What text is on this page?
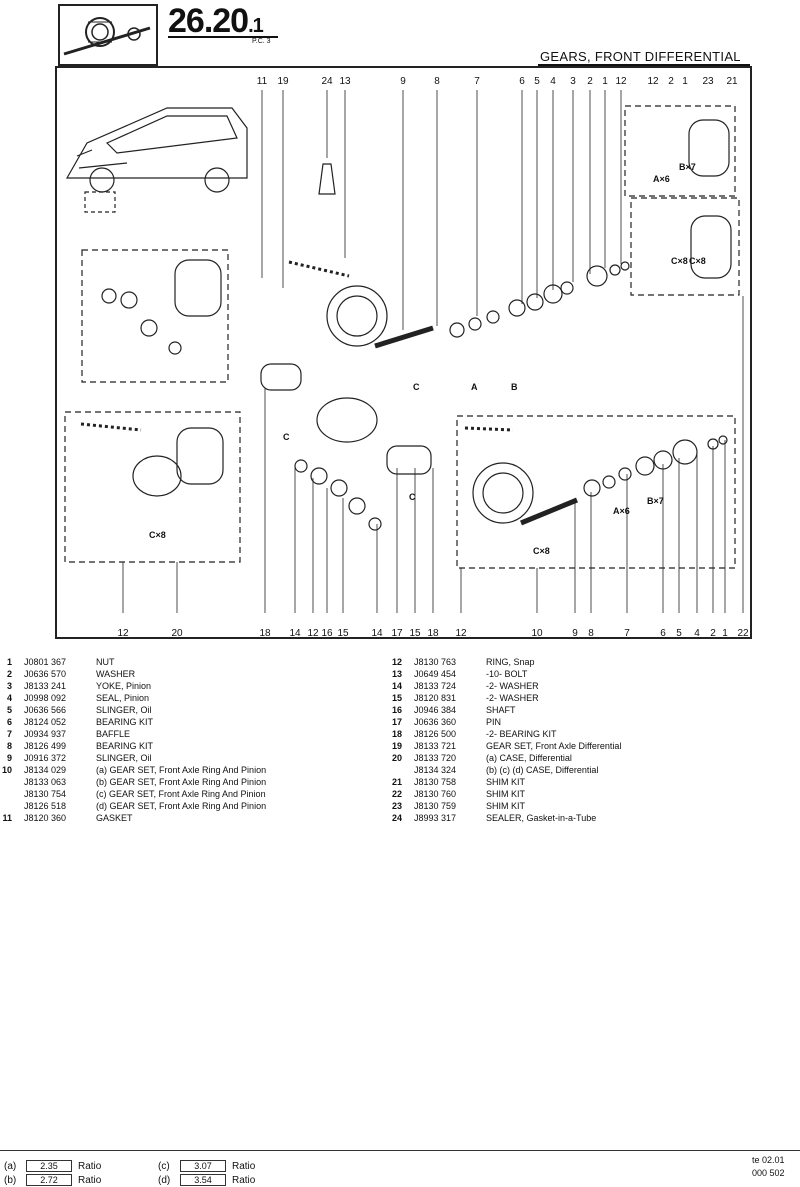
26.20.1
P.C. 3
GEARS, FRONT DIFFERENTIAL
11 19	24 13	9	8	7	6 5 4 3 2 1 12 12 2 1 23 21
12	20	18 14 12 16 15 14 17 15 18 12	10	9 8	7	6 5 4 2 1 22
A	B
C
C
C
A×6
B×7
C×8
C×8
C×8
A×6
B×7
C×8
1 J0801 367	NUT
2 J0636 570	WASHER
3 J8133 241	YOKE, Pinion
4 J0998 092	SEAL, Pinion
5 J0636 566	SLINGER, Oil
6 J8124 052	BEARING KIT
7 J0934 937	BAFFLE
8 J8126 499	BEARING KIT
9 J0916 372	SLINGER, Oil
10 J8134 029	(a) GEAR SET, Front Axle Ring And Pinion
J8133 063	(b) GEAR SET, Front Axle Ring And Pinion
J8130 754	(c) GEAR SET, Front Axle Ring And Pinion
J8126 518	(d) GEAR SET, Front Axle Ring And Pinion
11 J8120 360	GASKET
12 J8130 763	RING, Snap
13 J0649 454	-10- BOLT
14 J8133 724	-2- WASHER
15 J8120 831	-2- WASHER
16 J0946 384	SHAFT
17 J0636 360	PIN
18 J8126 500	-2- BEARING KIT
19 J8133 721	GEAR SET, Front Axle Differential
20 J8133 720	(a) CASE, Differential
J8134 324	(b) (c) (d) CASE, Differential
21 J8130 758	SHIM KIT
22 J8130 760	SHIM KIT
23 J8130 759	SHIM KIT
24 J8993 317	SEALER, Gasket-in-a-Tube
(a)	2.35	Ratio
(b)	2.72	Ratio
(c)	3.07	Ratio
(d)	3.54	Ratio
te 02.01
000 502
